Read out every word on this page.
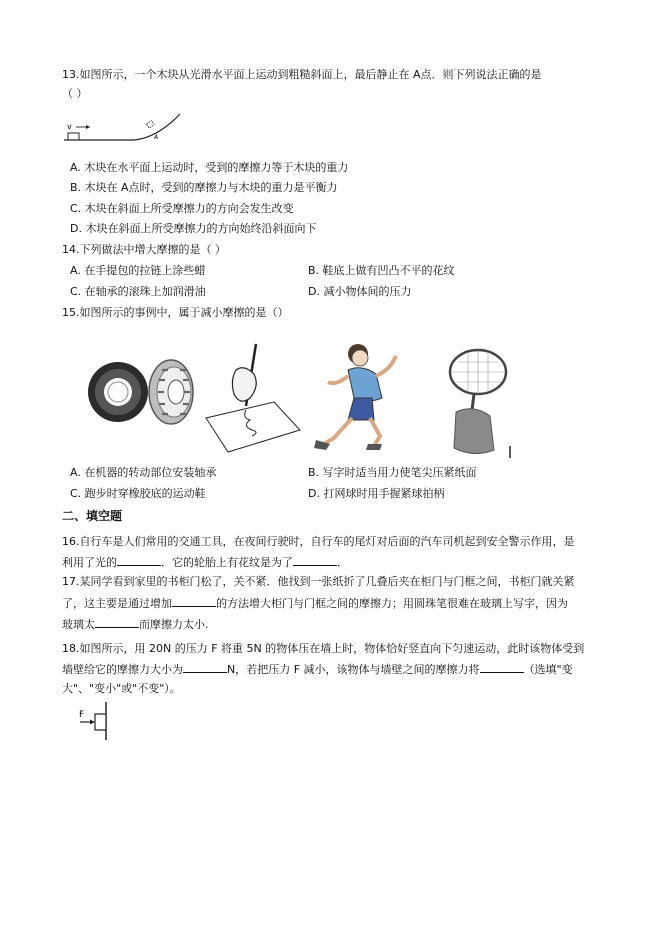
13.如图所示，一个木块从光滑水平面上运动到粗糙斜面上，最后静止在 A点．则下列说法正确的是
（ ）
v
A
A. 木块在水平面上运动时，受到的摩擦力等于木块的重力
B. 木块在 A点时，受到的摩擦力与木块的重力是平衡力
C. 木块在斜面上所受摩擦力的方向会发生改变
D. 木块在斜面上所受摩擦力的方向始终沿斜面向下
14.下列做法中增大摩擦的是（ ）
A. 在手提包的拉链上涂些蜡	B. 鞋底上做有凹凸不平的花纹
C. 在轴承的滚珠上加润滑油	D. 减小物体间的压力
15.如图所示的事例中，属于减小摩擦的是（）
A. 在机器的转动部位安装轴承	B. 写字时适当用力使笔尖压紧纸面
C. 跑步时穿橡胶底的运动鞋	D. 打网球时用手握紧球拍柄
二、填空题
16.自行车是人们常用的交通工具，在夜间行驶时，自行车的尾灯对后面的汽车司机起到安全警示作用，是
利用了光的	．它的轮胎上有花纹是为了	．
17.某同学看到家里的书柜门松了，关不紧．他找到一张纸折了几叠后夹在柜门与门框之间，书柜门就关紧
了，这主要是通过增加	的方法增大柜门与门框之间的摩擦力；用圆珠笔很难在玻璃上写字，因为
玻璃太	而摩擦力太小.
18.如图所示，用 20N 的压力 F 将重 5N 的物体压在墙上时，物体恰好竖直向下匀速运动，此时该物体受到
墙壁给它的摩擦力大小为	N，若把压力 F 减小，该物体与墙壁之间的摩擦力将	（选填"变
大"、"变小"或"不变"）。
F
